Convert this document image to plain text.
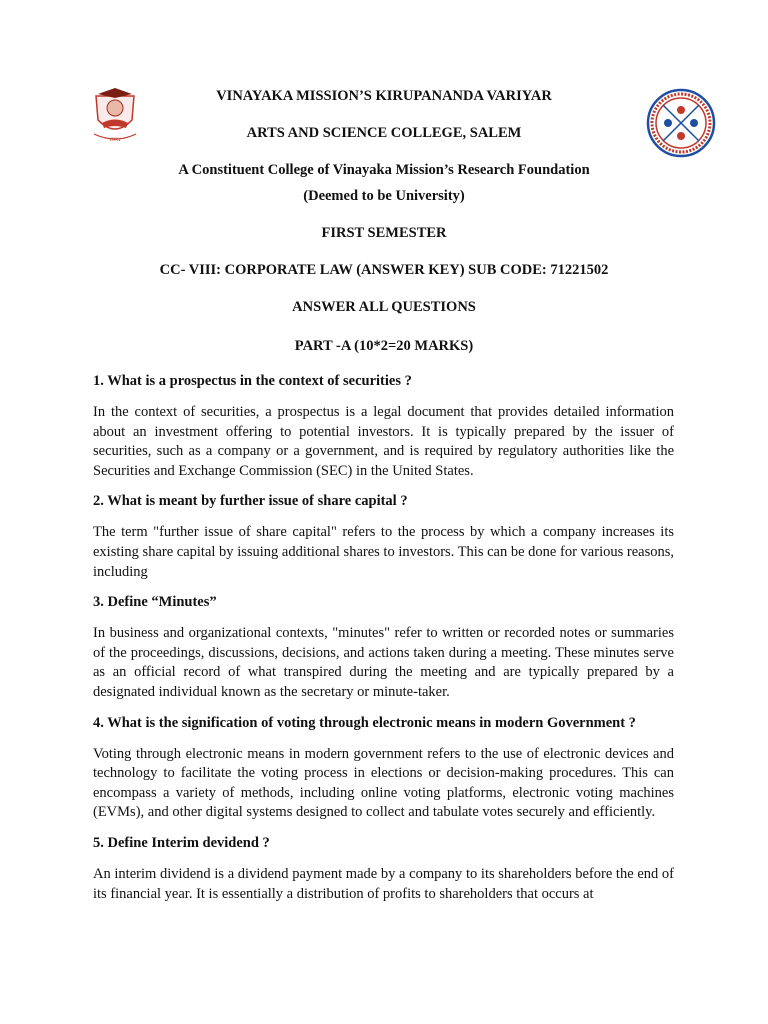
VMKV
VINAYAKA MISSION’S KIRUPANANDA VARIYAR
ARTS AND SCIENCE COLLEGE, SALEM
A Constituent College of Vinayaka Mission’s Research Foundation
(Deemed to be University)
FIRST SEMESTER
CC- VIII: CORPORATE LAW (ANSWER KEY) SUB CODE: 71221502
ANSWER ALL QUESTIONS
PART -A (10*2=20 MARKS)

1. What is a prospectus in the context of securities ?

In the context of securities, a prospectus is a legal document that provides detailed information about an investment offering to potential investors. It is typically prepared by the issuer of securities, such as a company or a government, and is required by regulatory authorities like the Securities and Exchange Commission (SEC) in the United States.

2. What is meant by further issue of share capital ?

The term "further issue of share capital" refers to the process by which a company increases its existing share capital by issuing additional shares to investors. This can be done for various reasons, including

3. Define “Minutes”

In business and organizational contexts, "minutes" refer to written or recorded notes or summaries of the proceedings, discussions, decisions, and actions taken during a meeting. These minutes serve as an official record of what transpired during the meeting and are typically prepared by a designated individual known as the secretary or minute-taker.

4. What is the signification of voting through electronic means in modern Government ?

Voting through electronic means in modern government refers to the use of electronic devices and technology to facilitate the voting process in elections or decision-making procedures. This can encompass a variety of methods, including online voting platforms, electronic voting machines (EVMs), and other digital systems designed to collect and tabulate votes securely and efficiently.

5. Define Interim devidend ?

An interim dividend is a dividend payment made by a company to its shareholders before the end of its financial year. It is essentially a distribution of profits to shareholders that occurs at
